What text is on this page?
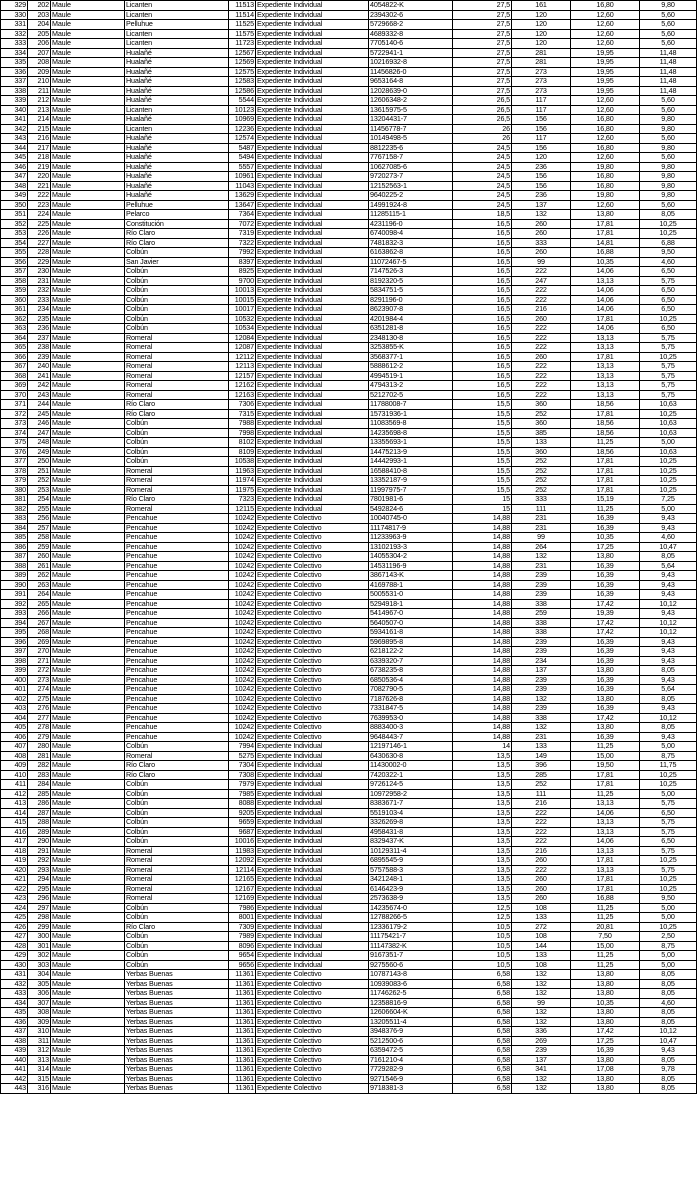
329	202	Maule	Licanten	11513	Expediente Individual	4054822-K	27,5	161	16,80	9,80
330	203	Maule	Licanten	11514	Expediente Individual	2394302-6	27,5	120	12,60	5,60
331	204	Maule	Pelluhue	11525	Expediente Individual	5729668-2	27,5	120	12,60	5,60
332	205	Maule	Licanten	11575	Expediente Individual	4689332-8	27,5	120	12,60	5,60
333	206	Maule	Licanten	11723	Expediente Individual	7705140-6	27,5	120	12,60	5,60
334	207	Maule	Hualañé	12567	Expediente Individual	5722941-1	27,5	281	19,95	11,48
335	208	Maule	Hualañé	12569	Expediente Individual	10216932-8	27,5	281	19,95	11,48
336	209	Maule	Hualañé	12575	Expediente Individual	11456826-0	27,5	273	19,95	11,48
337	210	Maule	Hualañé	12583	Expediente Individual	9653164-8	27,5	273	19,95	11,48
338	211	Maule	Hualañé	12586	Expediente Individual	12028639-0	27,5	273	19,95	11,48
339	212	Maule	Hualañé	5544	Expediente Individual	12606348-2	26,5	117	12,60	5,60
340	213	Maule	Licanten	10123	Expediente Individual	13615975-5	26,5	117	12,60	5,60
341	214	Maule	Hualañé	10969	Expediente Individual	13204431-7	26,5	156	16,80	9,80
342	215	Maule	Licanten	12236	Expediente Individual	11456778-7	26	156	16,80	9,80
343	216	Maule	Hualañé	12574	Expediente Individual	10149498-5	26	117	12,60	5,60
344	217	Maule	Hualañé	5487	Expediente Individual	8812235-6	24,5	156	16,80	9,80
345	218	Maule	Hualañé	5494	Expediente Individual	7767158-7	24,5	120	12,60	5,60
346	219	Maule	Hualañé	5557	Expediente Individual	10627085-6	24,5	236	19,80	9,80
347	220	Maule	Hualañé	10961	Expediente Individual	9720273-7	24,5	156	16,80	9,80
348	221	Maule	Hualañé	11043	Expediente Individual	12152563-1	24,5	156	16,80	9,80
349	222	Maule	Hualañé	13629	Expediente Individual	9640225-2	24,5	236	19,80	9,80
350	223	Maule	Pelluhue	13647	Expediente Individual	14991924-8	24,5	137	12,60	5,60
351	224	Maule	Pelarco	7364	Expediente Individual	11285115-1	18,5	132	13,80	8,05
352	225	Maule	Constitución	7072	Expediente Individual	4231196-0	16,5	260	17,81	10,25
353	226	Maule	Río Claro	7319	Expediente Individual	6740098-4	16,5	260	17,81	10,25
354	227	Maule	Río Claro	7322	Expediente Individual	7481832-3	16,5	333	14,81	6,88
355	228	Maule	Colbún	7992	Expediente Individual	6163862-8	16,5	260	16,88	9,50
356	229	Maule	San Javier	8397	Expediente Individual	11072467-5	16,5	99	10,35	4,60
357	230	Maule	Colbún	8925	Expediente Individual	7147526-3	16,5	222	14,06	6,50
358	231	Maule	Colbún	9700	Expediente Individual	8192320-5	16,5	247	13,13	5,75
359	232	Maule	Colbún	10013	Expediente Individual	5834751-5	16,5	222	14,06	6,50
360	233	Maule	Colbún	10015	Expediente Individual	8291196-0	16,5	222	14,06	6,50
361	234	Maule	Colbún	10017	Expediente Individual	8623907-8	16,5	216	14,06	6,50
362	235	Maule	Colbún	10532	Expediente Individual	4201984-4	16,5	260	17,81	10,25
363	236	Maule	Colbún	10534	Expediente Individual	6351281-8	16,5	222	14,06	6,50
364	237	Maule	Romeral	12084	Expediente Individual	2348130-8	16,5	222	13,13	5,75
365	238	Maule	Romeral	12087	Expediente Individual	3253855-K	16,5	222	13,13	5,75
366	239	Maule	Romeral	12112	Expediente Individual	3568377-1	16,5	260	17,81	10,25
367	240	Maule	Romeral	12113	Expediente Individual	5888612-2	16,5	222	13,13	5,75
368	241	Maule	Romeral	12157	Expediente Individual	4994519-1	16,5	222	13,13	5,75
369	242	Maule	Romeral	12162	Expediente Individual	4794313-2	16,5	222	13,13	5,75
370	243	Maule	Romeral	12163	Expediente Individual	5212702-5	16,5	222	13,13	5,75
371	244	Maule	Río Claro	7306	Expediente Individual	11788008-7	15,5	360	18,56	10,63
372	245	Maule	Río Claro	7315	Expediente Individual	15731936-1	15,5	252	17,81	10,25
373	246	Maule	Colbún	7988	Expediente Individual	11083569-8	15,5	360	18,56	10,63
374	247	Maule	Colbún	7998	Expediente Individual	14235698-8	15,5	385	18,56	10,63
375	248	Maule	Colbún	8102	Expediente Individual	13355693-1	15,5	133	11,25	5,00
376	249	Maule	Colbún	8109	Expediente Individual	14475213-9	15,5	360	18,56	10,63
377	250	Maule	Colbún	10538	Expediente Individual	14442993-1	15,5	252	17,81	10,25
378	251	Maule	Romeral	11963	Expediente Individual	16588410-8	15,5	252	17,81	10,25
379	252	Maule	Romeral	11974	Expediente Individual	13352187-9	15,5	252	17,81	10,25
380	253	Maule	Romeral	11975	Expediente Individual	11997975-7	15,5	252	17,81	10,25
381	254	Maule	Río Claro	7323	Expediente Individual	7801981-6	15	333	15,19	7,25
382	255	Maule	Romeral	12115	Expediente Individual	5492824-6	15	111	11,25	5,00
383	256	Maule	Pencahue	10242	Expediente Colectivo	10040745-0	14,88	231	16,39	9,43
384	257	Maule	Pencahue	10242	Expediente Colectivo	11174817-9	14,88	231	16,39	9,43
385	258	Maule	Pencahue	10242	Expediente Colectivo	11233963-9	14,88	99	10,35	4,60
386	259	Maule	Pencahue	10242	Expediente Colectivo	13102193-3	14,88	264	17,25	10,47
387	260	Maule	Pencahue	10242	Expediente Colectivo	14055304-2	14,88	132	13,80	8,05
388	261	Maule	Pencahue	10242	Expediente Colectivo	14531196-9	14,88	231	16,39	5,64
389	262	Maule	Pencahue	10242	Expediente Colectivo	3867143-K	14,88	239	16,39	9,43
390	263	Maule	Pencahue	10242	Expediente Colectivo	4169788-1	14,88	239	16,39	9,43
391	264	Maule	Pencahue	10242	Expediente Colectivo	5005531-0	14,88	239	16,39	9,43
392	265	Maule	Pencahue	10242	Expediente Colectivo	5294918-1	14,88	338	17,42	10,12
393	266	Maule	Pencahue	10242	Expediente Colectivo	5414967-0	14,88	259	19,39	9,43
394	267	Maule	Pencahue	10242	Expediente Colectivo	5640507-0	14,88	338	17,42	10,12
395	268	Maule	Pencahue	10242	Expediente Colectivo	5934161-8	14,88	338	17,42	10,12
396	269	Maule	Pencahue	10242	Expediente Colectivo	5969895-8	14,88	239	16,39	9,43
397	270	Maule	Pencahue	10242	Expediente Colectivo	6218122-2	14,88	239	16,39	9,43
398	271	Maule	Pencahue	10242	Expediente Colectivo	6339320-7	14,88	234	16,39	9,43
399	272	Maule	Pencahue	10242	Expediente Colectivo	6738235-8	14,88	137	13,80	8,05
400	273	Maule	Pencahue	10242	Expediente Colectivo	6850536-4	14,88	239	16,39	9,43
401	274	Maule	Pencahue	10242	Expediente Colectivo	7082790-5	14,88	239	16,39	5,64
402	275	Maule	Pencahue	10242	Expediente Colectivo	7187626-8	14,88	132	13,80	8,05
403	276	Maule	Pencahue	10242	Expediente Colectivo	7331847-5	14,88	239	16,39	9,43
404	277	Maule	Pencahue	10242	Expediente Colectivo	7639953-0	14,88	338	17,42	10,12
405	278	Maule	Pencahue	10242	Expediente Colectivo	8883400-3	14,88	132	13,80	8,05
406	279	Maule	Pencahue	10242	Expediente Colectivo	9648443-7	14,88	231	16,39	9,43
407	280	Maule	Colbún	7994	Expediente Individual	12197146-1	14	133	11,25	5,00
408	281	Maule	Romeral	5275	Expediente Individual	6430630-8	13,5	149	15,00	8,75
409	282	Maule	Río Claro	7304	Expediente Individual	11430002-0	13,5	396	19,50	11,75
410	283	Maule	Río Claro	7308	Expediente Individual	7420322-1	13,5	285	17,81	10,25
411	284	Maule	Colbún	7979	Expediente Individual	9726124-5	13,5	252	17,81	10,25
412	285	Maule	Colbún	7985	Expediente Individual	10972958-2	13,5	111	11,25	5,00
413	286	Maule	Colbún	8088	Expediente Individual	8383671-7	13,5	216	13,13	5,75
414	287	Maule	Colbún	9205	Expediente Individual	5519103-4	13,5	222	14,06	6,50
415	288	Maule	Colbún	9659	Expediente Individual	3326269-8	13,5	222	13,13	5,75
416	289	Maule	Colbún	9687	Expediente Individual	4958431-8	13,5	222	13,13	5,75
417	290	Maule	Colbún	10016	Expediente Individual	8329437-K	13,5	222	14,06	6,50
418	291	Maule	Romeral	11983	Expediente Individual	10129311-4	13,5	216	13,13	5,75
419	292	Maule	Romeral	12092	Expediente Individual	6895545-9	13,5	260	17,81	10,25
420	293	Maule	Romeral	12114	Expediente Individual	5757588-3	13,5	222	13,13	5,75
421	294	Maule	Romeral	12165	Expediente Individual	3421248-1	13,5	260	17,81	10,25
422	295	Maule	Romeral	12167	Expediente Individual	6146423-9	13,5	260	17,81	10,25
423	296	Maule	Romeral	12169	Expediente Individual	2573638-9	13,5	260	16,88	9,50
424	297	Maule	Colbún	7986	Expediente Individual	14235674-0	12,5	108	11,25	5,00
425	298	Maule	Colbún	8001	Expediente Individual	12788266-5	12,5	133	11,25	5,00
426	299	Maule	Río Claro	7309	Expediente Individual	12336179-2	10,5	272	20,81	10,25
427	300	Maule	Colbún	7989	Expediente Individual	11175421-7	10,5	108	7,50	2,50
428	301	Maule	Colbún	8096	Expediente Individual	11147382-K	10,5	144	15,00	8,75
429	302	Maule	Colbún	9654	Expediente Individual	9167351-7	10,5	133	11,25	5,00
430	303	Maule	Colbún	9656	Expediente Individual	9275560-6	10,5	108	11,25	5,00
431	304	Maule	Yerbas Buenas	11361	Expediente Colectivo	10787143-8	6,58	132	13,80	8,05
432	305	Maule	Yerbas Buenas	11361	Expediente Colectivo	10939083-6	6,58	132	13,80	8,05
433	306	Maule	Yerbas Buenas	11361	Expediente Colectivo	11746262-5	6,58	132	13,80	8,05
434	307	Maule	Yerbas Buenas	11361	Expediente Colectivo	12358816-9	6,58	99	10,35	4,60
435	308	Maule	Yerbas Buenas	11361	Expediente Colectivo	12606604-K	6,58	132	13,80	8,05
436	309	Maule	Yerbas Buenas	11361	Expediente Colectivo	13205511-4	6,58	132	13,80	8,05
437	310	Maule	Yerbas Buenas	11361	Expediente Colectivo	3948376-9	6,58	336	17,42	10,12
438	311	Maule	Yerbas Buenas	11361	Expediente Colectivo	5212500-6	6,58	269	17,25	10,47
439	312	Maule	Yerbas Buenas	11361	Expediente Colectivo	6359472-5	6,58	239	16,39	9,43
440	313	Maule	Yerbas Buenas	11361	Expediente Colectivo	7161210-4	6,58	137	13,80	8,05
441	314	Maule	Yerbas Buenas	11361	Expediente Colectivo	7729282-9	6,58	341	17,08	9,78
442	315	Maule	Yerbas Buenas	11361	Expediente Colectivo	9271546-9	6,58	132	13,80	8,05
443	316	Maule	Yerbas Buenas	11361	Expediente Colectivo	9718381-3	6,58	132	13,80	8,05
